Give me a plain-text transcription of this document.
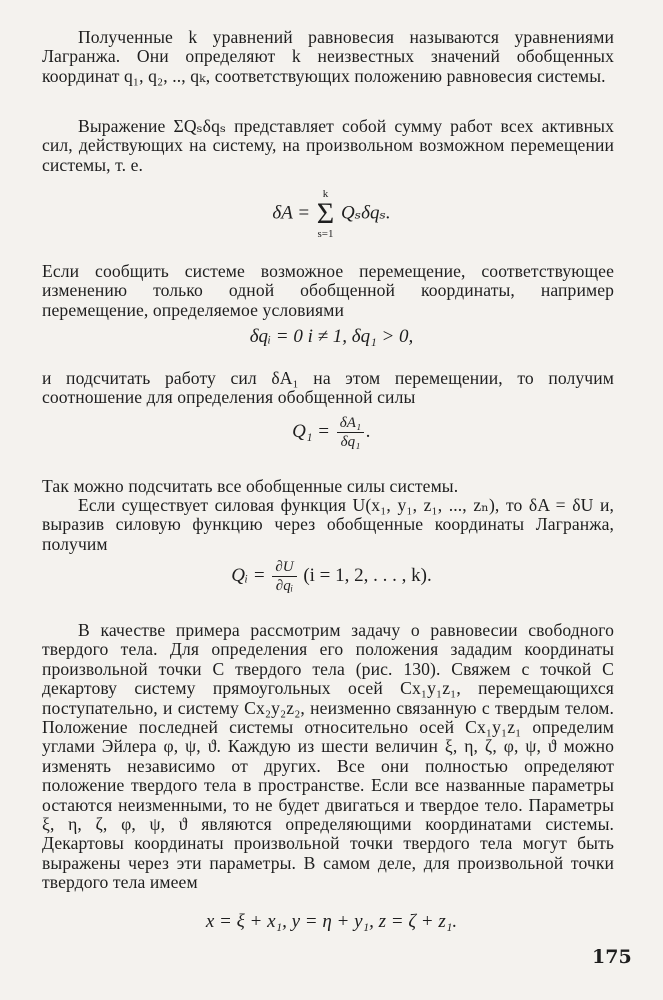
Полученные k уравнений равновесия называются уравнениями Лагранжа. Они определяют k неизвестных значений обобщенных координат q₁, q₂, .., qₖ, соответствующих положению равновесия системы.

Выражение ΣQₛδqₛ представляет собой сумму работ всех активных сил, действующих на систему, на произвольном возможном перемещении системы, т. е.

δA =
k
Σ
s=1
Qₛδqₛ.

Если сообщить системе возможное перемещение, соответствующее изменению только одной обобщенной координаты, например перемещение, определяемое условиями

δqᵢ = 0 i ≠ 1, δq₁ > 0,

и подсчитать работу сил δA₁ на этом перемещении, то получим соотношение для определения обобщенной силы

$Q_1 = \frac{\text{δA₁}}{\text{δq₁}}$ .

Так можно подсчитать все обобщенные силы системы.

Если существует силовая функция U(x₁, y₁, z₁, ..., zₙ), то δA = δU и, выразив силовую функцию через обобщенные координаты Лагранжа, получим

Qᵢ = $\frac{\partial U}{\text{∂qᵢ}} (i = 1$, 2, . . . , k).

В качестве примера рассмотрим задачу о равновесии свободного твердого тела. Для определения его положения зададим координаты произвольной точки C твердого тела (рис. 130). Свяжем с точкой C декартову систему прямоугольных осей Cx₁y₁z₁, перемещающихся поступательно, и систему Cx₂y₂z₂, неизменно связанную с твердым телом. Положение последней системы относительно осей Cx₁y₁z₁ определим углами Эйлера φ, ψ, ϑ. Каждую из шести величин ξ, η, ζ, φ, ψ, ϑ можно изменять независимо от других. Все они полностью определяют положение твердого тела в пространстве. Если все названные параметры остаются неизменными, то не будет двигаться и твердое тело. Параметры ξ, η, ζ, φ, ψ, ϑ являются определяющими координатами системы. Декартовы координаты произвольной точки твердого тела могут быть выражены через эти параметры. В самом деле, для произвольной точки твердого тела имеем

x = ξ + x₁, y = η + y₁, z = ζ + z₁.
175
